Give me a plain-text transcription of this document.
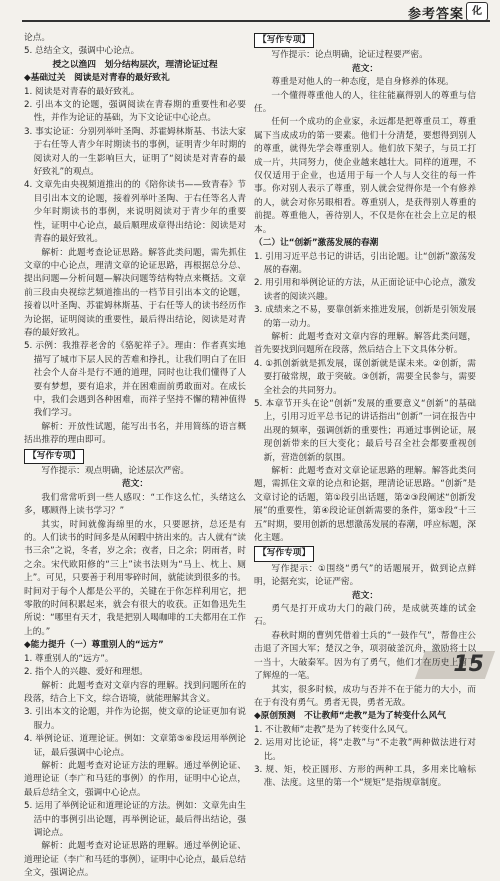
参考答案 化

论点。

5. 总结全文，强调中心论点。

授之以渔四　划分结构层次，理清论证过程

◆基础过关　阅读是对青春的最好致礼

1. 阅读是对青春的最好致礼。

2. 引出本文的论题，强调阅读在青春期的重要性和必要性，并作为论证的基础，为下文论证中心论点。

3. 事实论证：分别列举叶圣陶、苏霍姆林斯基、书法大家于右任等人青少年时期读书的事例，证明青少年时期的阅读对人的一生影响巨大，证明了“阅读是对青春的最好致礼”的观点。

4. 文章先由央视频道推出的的《陪你读书——致青春》节目引出本文的论题，接着列举叶圣陶、于右任等名人青少年时期读书的事例，来说明阅读对于青少年的重要性，证明中心论点，最后顺理成章得出结论：阅读是对青春的最好致礼。

解析：此题考查论证思路。解答此类问题，需先抓住文章的中心论点，理清文章的论证思路，再根据总分总、提出问题—分析问题—解决问题等结构特点来概括。文章前三段由央视综艺频道推出的一档节目引出本文的论题，接着以叶圣陶、苏霍姆林斯基、于右任等人的读书经历作为论据，证明阅读的重要性，最后得出结论，阅读是对青春的最好致礼。

5. 示例：我推荐老舍的《骆驼祥子》。理由：作者真实地描写了城市下层人民的苦难和挣扎，让我们明白了在旧社会个人奋斗是行不通的道理，同时也让我们懂得了人要有梦想，要有追求，并在困难面前勇敢面对。在成长中，我们会遇到各种困难，而祥子坚持不懈的精神值得我们学习。

解析：开放性试题，能写出书名，并用简练的语言概括出推荐的理由即可。

【写作专项】

写作提示：观点明确，论述层次严密。

范文：

我们常常听到一些人感叹：“工作这么忙，头绪这么多，哪顾得上读书学习？”

其实，时间就像海绵里的水，只要愿挤，总还是有的。人们读书的时间多是从闲暇中挤出来的。古人就有“读书三余”之说，冬者，岁之余；夜者，日之余；阴雨者，时之余。宋代欧阳修的“三上”读书法则为“马上、枕上、厕上”。可见，只要善于利用零碎时间，就能读到很多的书。时间对于每个人都是公平的，关键在于你怎样利用它，把零散的时间积累起来，就会有很大的收获。正如鲁迅先生所说：“哪里有天才，我是把别人喝咖啡的工夫都用在工作上的。”

◆能力提升（一）尊重别人的“远方”

1. 尊重别人的“远方”。

2. 指个人的兴趣、爱好和理想。

解析：此题考查对文章内容的理解。找到问题所在的段落，结合上下文，综合语境，就能理解其含义。

3. 引出本文的论题，并作为论据，使文章的论证更加有说服力。

4. 举例论证、道理论证。例如：文章第⑤⑥段运用举例论证，最后强调中心论点。

解析：此题考查对论证方法的理解。通过举例论证、道理论证（李广和马廷的事例）的作用，证明中心论点，最后总结全文，强调中心论点。

5. 运用了举例论证和道理论证的方法。例如：文章先由生活中的事例引出论题，再举例论证，最后得出结论，强调论点。

解析：此题考查对论证思路的理解。通过举例论证、道理论证（李广和马廷的事例），证明中心论点，最后总结全文，强调论点。

【写作专项】

写作提示：论点明确，论证过程要严密。

范文：

尊重是对他人的一种态度，是自身修养的体现。

一个懂得尊重他人的人，往往能赢得别人的尊重与信任。

任何一个成功的企业家，永远都是把尊重员工，尊重属下当成成功的第一要素。他们十分清楚，要想得到别人的尊重，就得先学会尊重别人。他们放下架子，与员工打成一片，共同努力，使企业越来越壮大。同样的道理，不仅仅适用于企业，也适用于每一个人与人交往的每一件事。你对别人表示了尊重，别人就会觉得你是一个有修养的人，就会对你另眼相看。尊重别人，是获得别人尊重的前提。尊重他人，善待别人，不仅是你在社会上立足的根本。

（二）让“创新”激荡发展的春潮

1. 引用习近平总书记的讲话，引出论题。让“创新”激荡发展的春潮。

2. 用引用和举例论证的方法，从正面论证中心论点，激发读者的阅读兴趣。

3. 成绩来之不易，要靠创新来推进发展，创新是引领发展的第一动力。

解析：此题考查对文章内容的理解。解答此类问题，首先要找到问题所在段落，然后结合上下文具体分析。

4. ①抓创新就是抓发展，谋创新就是谋未来。②创新，需要打破常规，敢于突破。③创新，需要全民参与，需要全社会的共同努力。

5. 本章节开头在论“创新”发展的重要意义“创新”的基础上，引用习近平总书记的讲话指出“创新”一词在报告中出现的频率，强调创新的重要性；再通过事例论证，展现创新带来的巨大变化；最后号召全社会都要重视创新，营造创新的氛围。

解析：此题考查对文章论证思路的理解。解答此类问题，需抓住文章的论点和论据，理清论证思路。“创新”是文章讨论的话题，第①段引出话题，第②③段阐述“创新发展”的重要性，第④段论证创新需要的条件，第⑤段“十三五”时期，要用创新的思想激荡发展的春潮，呼应标题，深化主题。

【写作专项】

写作提示：①围绕“勇气”的话题展开，做到论点鲜明，论据充实，论证严密。

范文：

勇气是打开成功大门的敲门砖，是成就英雄的试金石。

春秋时期的曹刿凭借着士兵的“一鼓作气”，帮鲁庄公击退了齐国大军；楚汉之争，项羽破釜沉舟，激励将士以一当十，大破秦军。因为有了勇气，他们才在历史上留下了辉煌的一笔。

其实，很多时候，成功与否并不在于能力的大小，而在于有没有勇气。勇者无畏，勇者无敌。

◆原创预测　不让教师“走教”是为了转变什么风气

1. 不让教师“走教”是为了转变什么风气。

2. 运用对比论证，将“走教”与“不走教”两种做法进行对比。

3. 规、矩，校正圆形、方形的两种工具，多用来比喻标准、法度。这里的第一个“规矩”是指规章制度。

15
